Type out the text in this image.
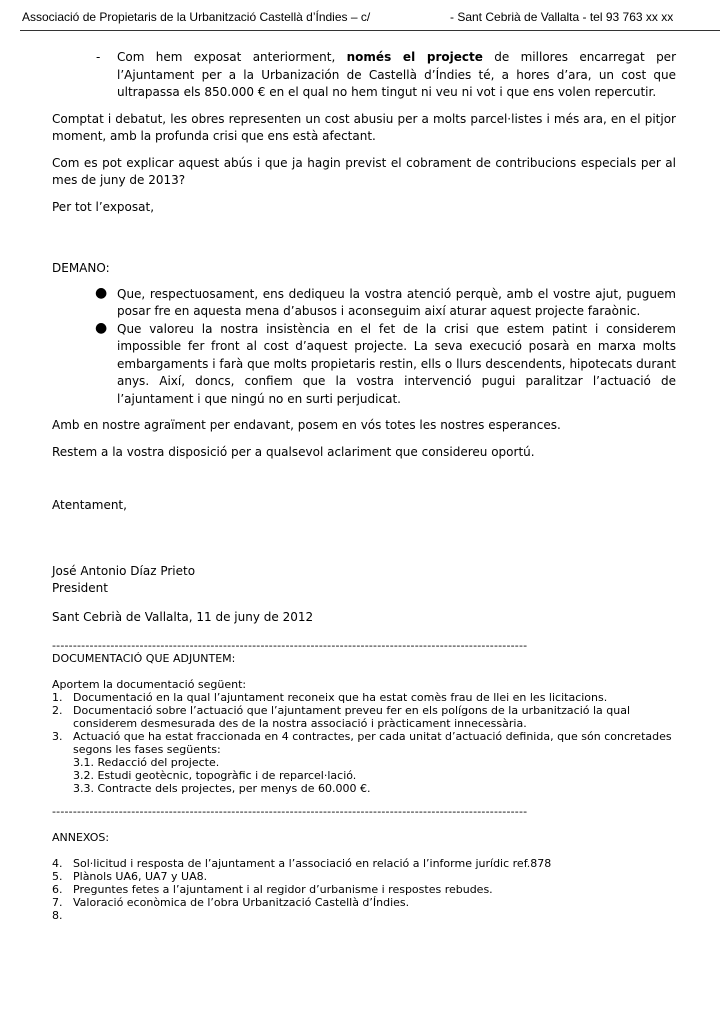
Associació de Propietaris de la Urbanització Castellà d’Índies – c/	- Sant Cebrià de Vallalta - tel 93 763 xx xx
- Com hem exposat anteriorment, només el projecte de millores encarregat per l’Ajuntament per a la Urbanización de Castellà d’Índies té, a hores d’ara, un cost que ultrapassa els 850.000 € en el qual no hem tingut ni veu ni vot i que ens volen repercutir.

Comptat i debatut, les obres representen un cost abusiu per a molts parcel·listes i més ara, en el pitjor moment, amb la profunda crisi que ens està afectant.

Com es pot explicar aquest abús i que ja hagin previst el cobrament de contribucions especials per al mes de juny de 2013?

Per tot l’exposat,

DEMANO:
● Que, respectuosament, ens dediqueu la vostra atenció perquè, amb el vostre ajut, puguem posar fre en aquesta mena d’abusos i aconseguim així aturar aquest projecte faraònic.
● Que valoreu la nostra insistència en el fet de la crisi que estem patint i considerem impossible fer front al cost d’aquest projecte. La seva execució posarà en marxa molts embargaments i farà que molts propietaris restin, ells o llurs descendents, hipotecats durant anys. Així, doncs, confiem que la vostra intervenció pugui paralitzar l’actuació de l’ajuntament i que ningú no en surti perjudicat.

Amb en nostre agraïment per endavant, posem en vós totes les nostres esperances.

Restem a la vostra disposició per a qualsevol aclariment que considereu oportú.

Atentament,
José Antonio Díaz Prieto
President
Sant Cebrià de Vallalta, 11 de juny de 2012
------------------------------------------------------------------------------------------------------------------
DOCUMENTACIÓ QUE ADJUNTEM:
Aportem la documentació següent:
1. Documentació en la qual l’ajuntament reconeix que ha estat comès frau de llei en les licitacions.
2. Documentació sobre l’actuació que l’ajuntament preveu fer en els polígons de la urbanització la qual considerem desmesurada des de la nostra associació i pràcticament innecessària.
3. Actuació que ha estat fraccionada en 4 contractes, per cada unitat d’actuació definida, que són concretades segons les fases següents:
3.1. Redacció del projecte.
3.2. Estudi geotècnic, topogràfic i de reparcel·lació.
3.3. Contracte dels projectes, per menys de 60.000 €.
------------------------------------------------------------------------------------------------------------------
ANNEXOS:
4. Sol·licitud i resposta de l’ajuntament a l’associació en relació a l’informe jurídic ref.878
5. Plànols UA6, UA7 y UA8.
6. Preguntes fetes a l’ajuntament i al regidor d’urbanisme i respostes rebudes.
7. Valoració econòmica de l’obra Urbanització Castellà d’Índies.
8.
